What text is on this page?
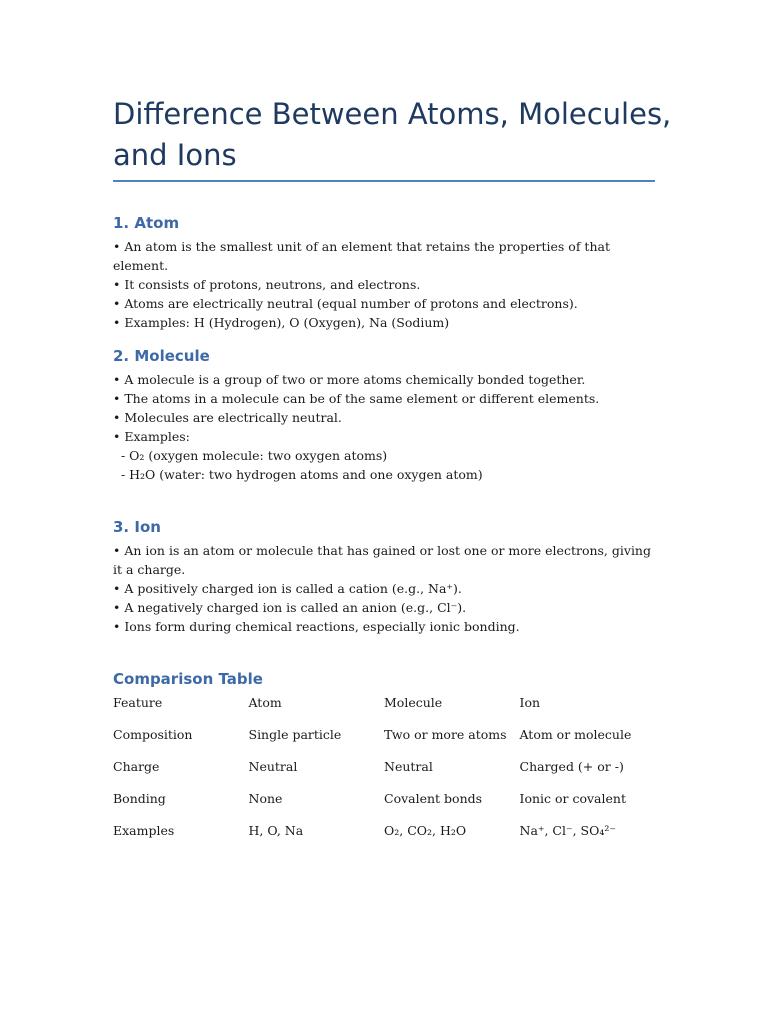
Difference Between Atoms, Molecules, and Ions
1. Atom
• An atom is the smallest unit of an element that retains the properties of that element.
• It consists of protons, neutrons, and electrons.
• Atoms are electrically neutral (equal number of protons and electrons).
• Examples: H (Hydrogen), O (Oxygen), Na (Sodium)
2. Molecule
• A molecule is a group of two or more atoms chemically bonded together.
• The atoms in a molecule can be of the same element or different elements.
• Molecules are electrically neutral.
• Examples:
- O₂ (oxygen molecule: two oxygen atoms)
- H₂O (water: two hydrogen atoms and one oxygen atom)
3. Ion
• An ion is an atom or molecule that has gained or lost one or more electrons, giving it a charge.
• A positively charged ion is called a cation (e.g., Na⁺).
• A negatively charged ion is called an anion (e.g., Cl⁻).
• Ions form during chemical reactions, especially ionic bonding.
Comparison Table
Feature	Atom	Molecule	Ion
Composition	Single particle	Two or more atoms	Atom or molecule
Charge	Neutral	Neutral	Charged (+ or -)
Bonding	None	Covalent bonds	Ionic or covalent
Examples	H, O, Na	O₂, CO₂, H₂O	Na⁺, Cl⁻, SO₄²⁻
